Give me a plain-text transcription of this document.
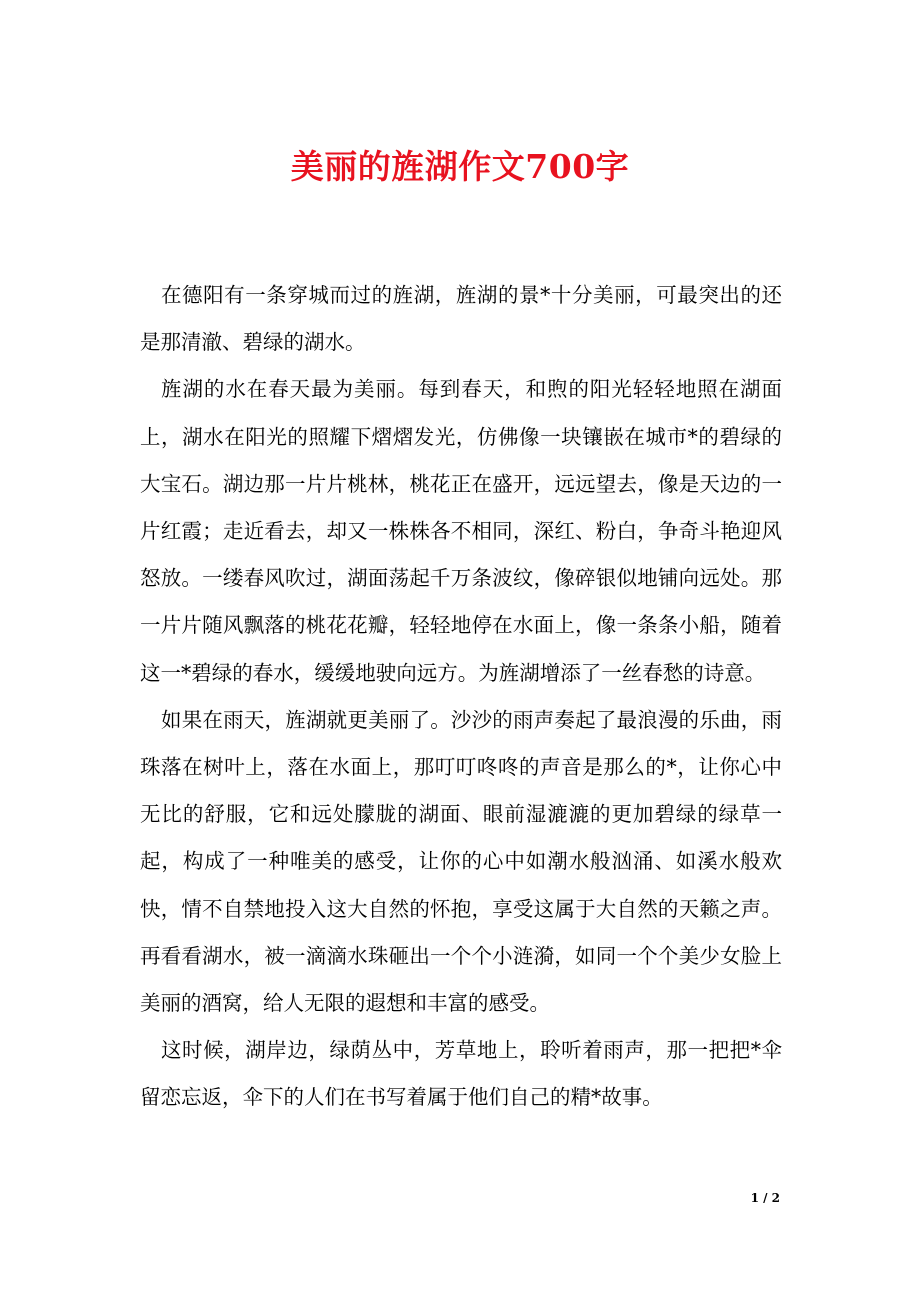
美丽的旌湖作文700字

在德阳有一条穿城而过的旌湖，旌湖的景*十分美丽，可最突出的还是那清澈、碧绿的湖水。

旌湖的水在春天最为美丽。每到春天，和煦的阳光轻轻地照在湖面上，湖水在阳光的照耀下熠熠发光，仿佛像一块镶嵌在城市*的碧绿的大宝石。湖边那一片片桃林，桃花正在盛开，远远望去，像是天边的一片红霞；走近看去，却又一株株各不相同，深红、粉白，争奇斗艳迎风怒放。一缕春风吹过，湖面荡起千万条波纹，像碎银似地铺向远处。那一片片随风飘落的桃花花瓣，轻轻地停在水面上，像一条条小船，随着这一*碧绿的春水，缓缓地驶向远方。为旌湖增添了一丝春愁的诗意。

如果在雨天，旌湖就更美丽了。沙沙的雨声奏起了最浪漫的乐曲，雨珠落在树叶上，落在水面上，那叮叮咚咚的声音是那么的*，让你心中无比的舒服，它和远处朦胧的湖面、眼前湿漉漉的更加碧绿的绿草一起，构成了一种唯美的感受，让你的心中如潮水般汹涌、如溪水般欢快，情不自禁地投入这大自然的怀抱，享受这属于大自然的天籁之声。再看看湖水，被一滴滴水珠砸出一个个小涟漪，如同一个个美少女脸上美丽的酒窝，给人无限的遐想和丰富的感受。

这时候，湖岸边，绿荫丛中，芳草地上，聆听着雨声，那一把把*伞留恋忘返，伞下的人们在书写着属于他们自己的精*故事。

1 / 2
